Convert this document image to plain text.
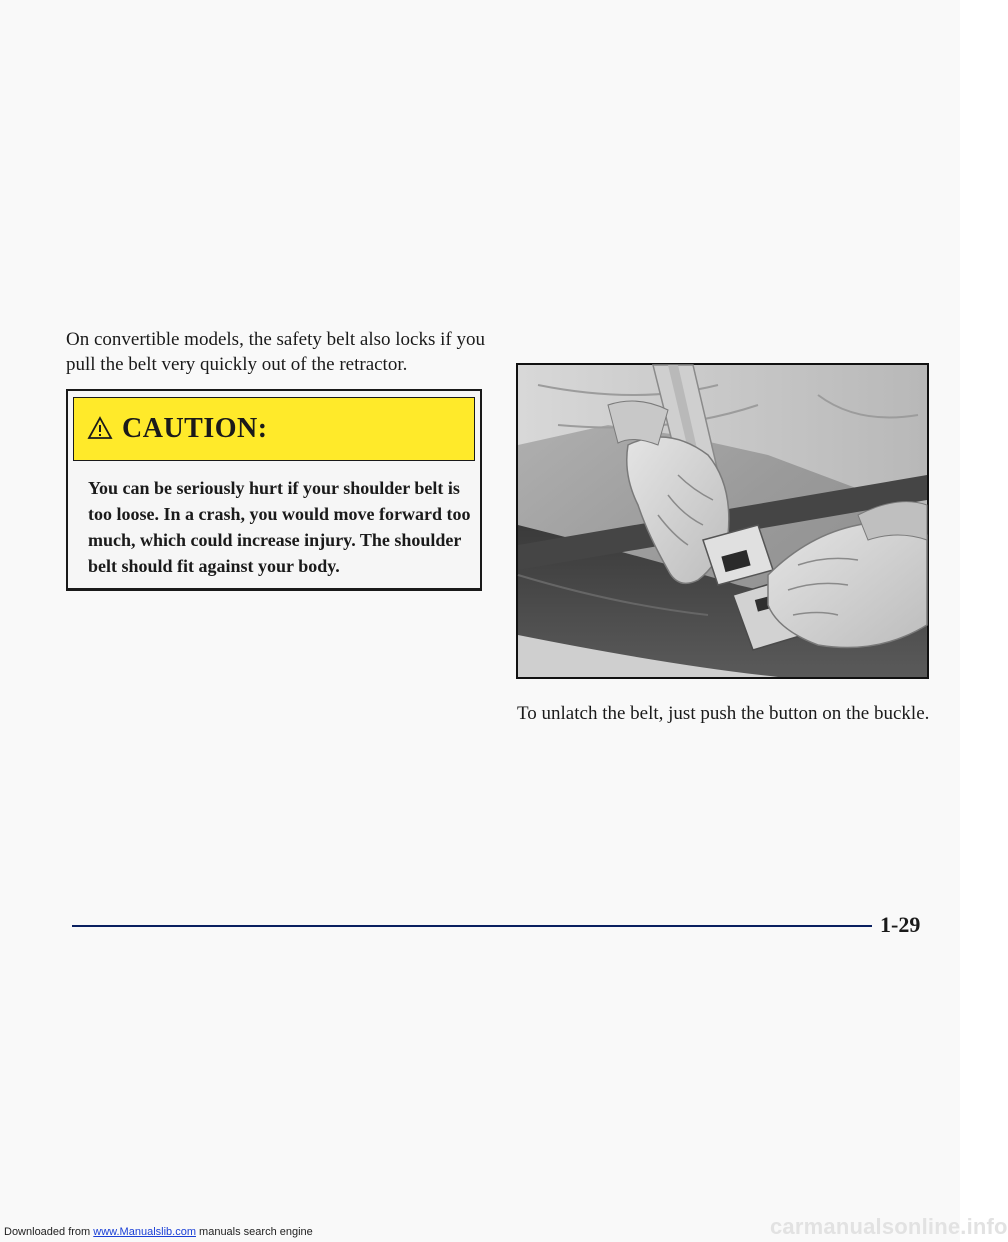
On convertible models, the safety belt also locks if you pull the belt very quickly out of the retractor.

CAUTION:

You can be seriously hurt if your shoulder belt is too loose. In a crash, you would move forward too much, which could increase injury. The shoulder belt should fit against your body.

To unlatch the belt, just push the button on the buckle.

1-29
carmanualsonline.info
Downloaded from www.Manualslib.com manuals search engine
